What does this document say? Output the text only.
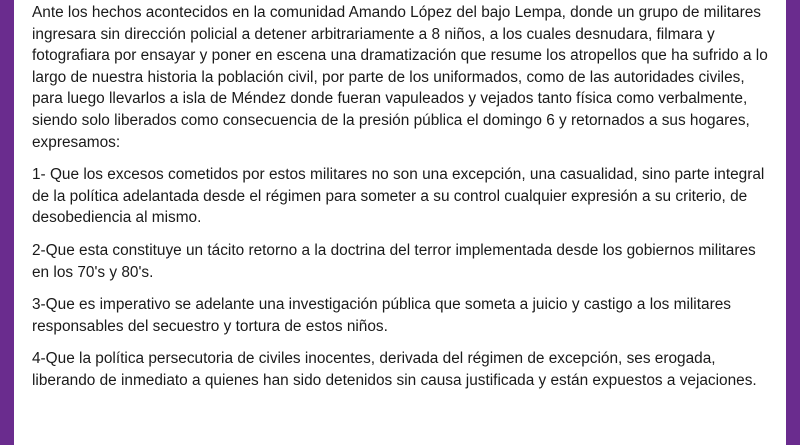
Ante los hechos acontecidos en la comunidad Amando López del bajo Lempa, donde un grupo de militares ingresara sin dirección policial a detener arbitrariamente a 8 niños, a los cuales desnudara, filmara y fotografiara por ensayar y poner en escena una dramatización que resume los atropellos que ha sufrido a lo largo de nuestra historia la población civil, por parte de los uniformados, como de las autoridades civiles, para luego llevarlos a isla de Méndez donde fueran vapuleados y vejados tanto física como verbalmente, siendo solo liberados como consecuencia de la presión pública el domingo 6 y retornados a sus hogares, expresamos:

1- Que los excesos cometidos por estos militares no son una excepción, una casualidad, sino parte integral de la política adelantada desde el régimen para someter a su control cualquier expresión a su criterio, de desobediencia al mismo.

2-Que esta constituye un tácito retorno a la doctrina del terror implementada desde los gobiernos militares en los 70's y 80's.

3-Que es imperativo se adelante una investigación pública que someta a juicio y castigo a los militares responsables del secuestro y tortura de estos niños.

4-Que la política persecutoria de civiles inocentes, derivada del régimen de excepción, ses erogada, liberando de inmediato a quienes han sido detenidos sin causa justificada y están expuestos a vejaciones.
